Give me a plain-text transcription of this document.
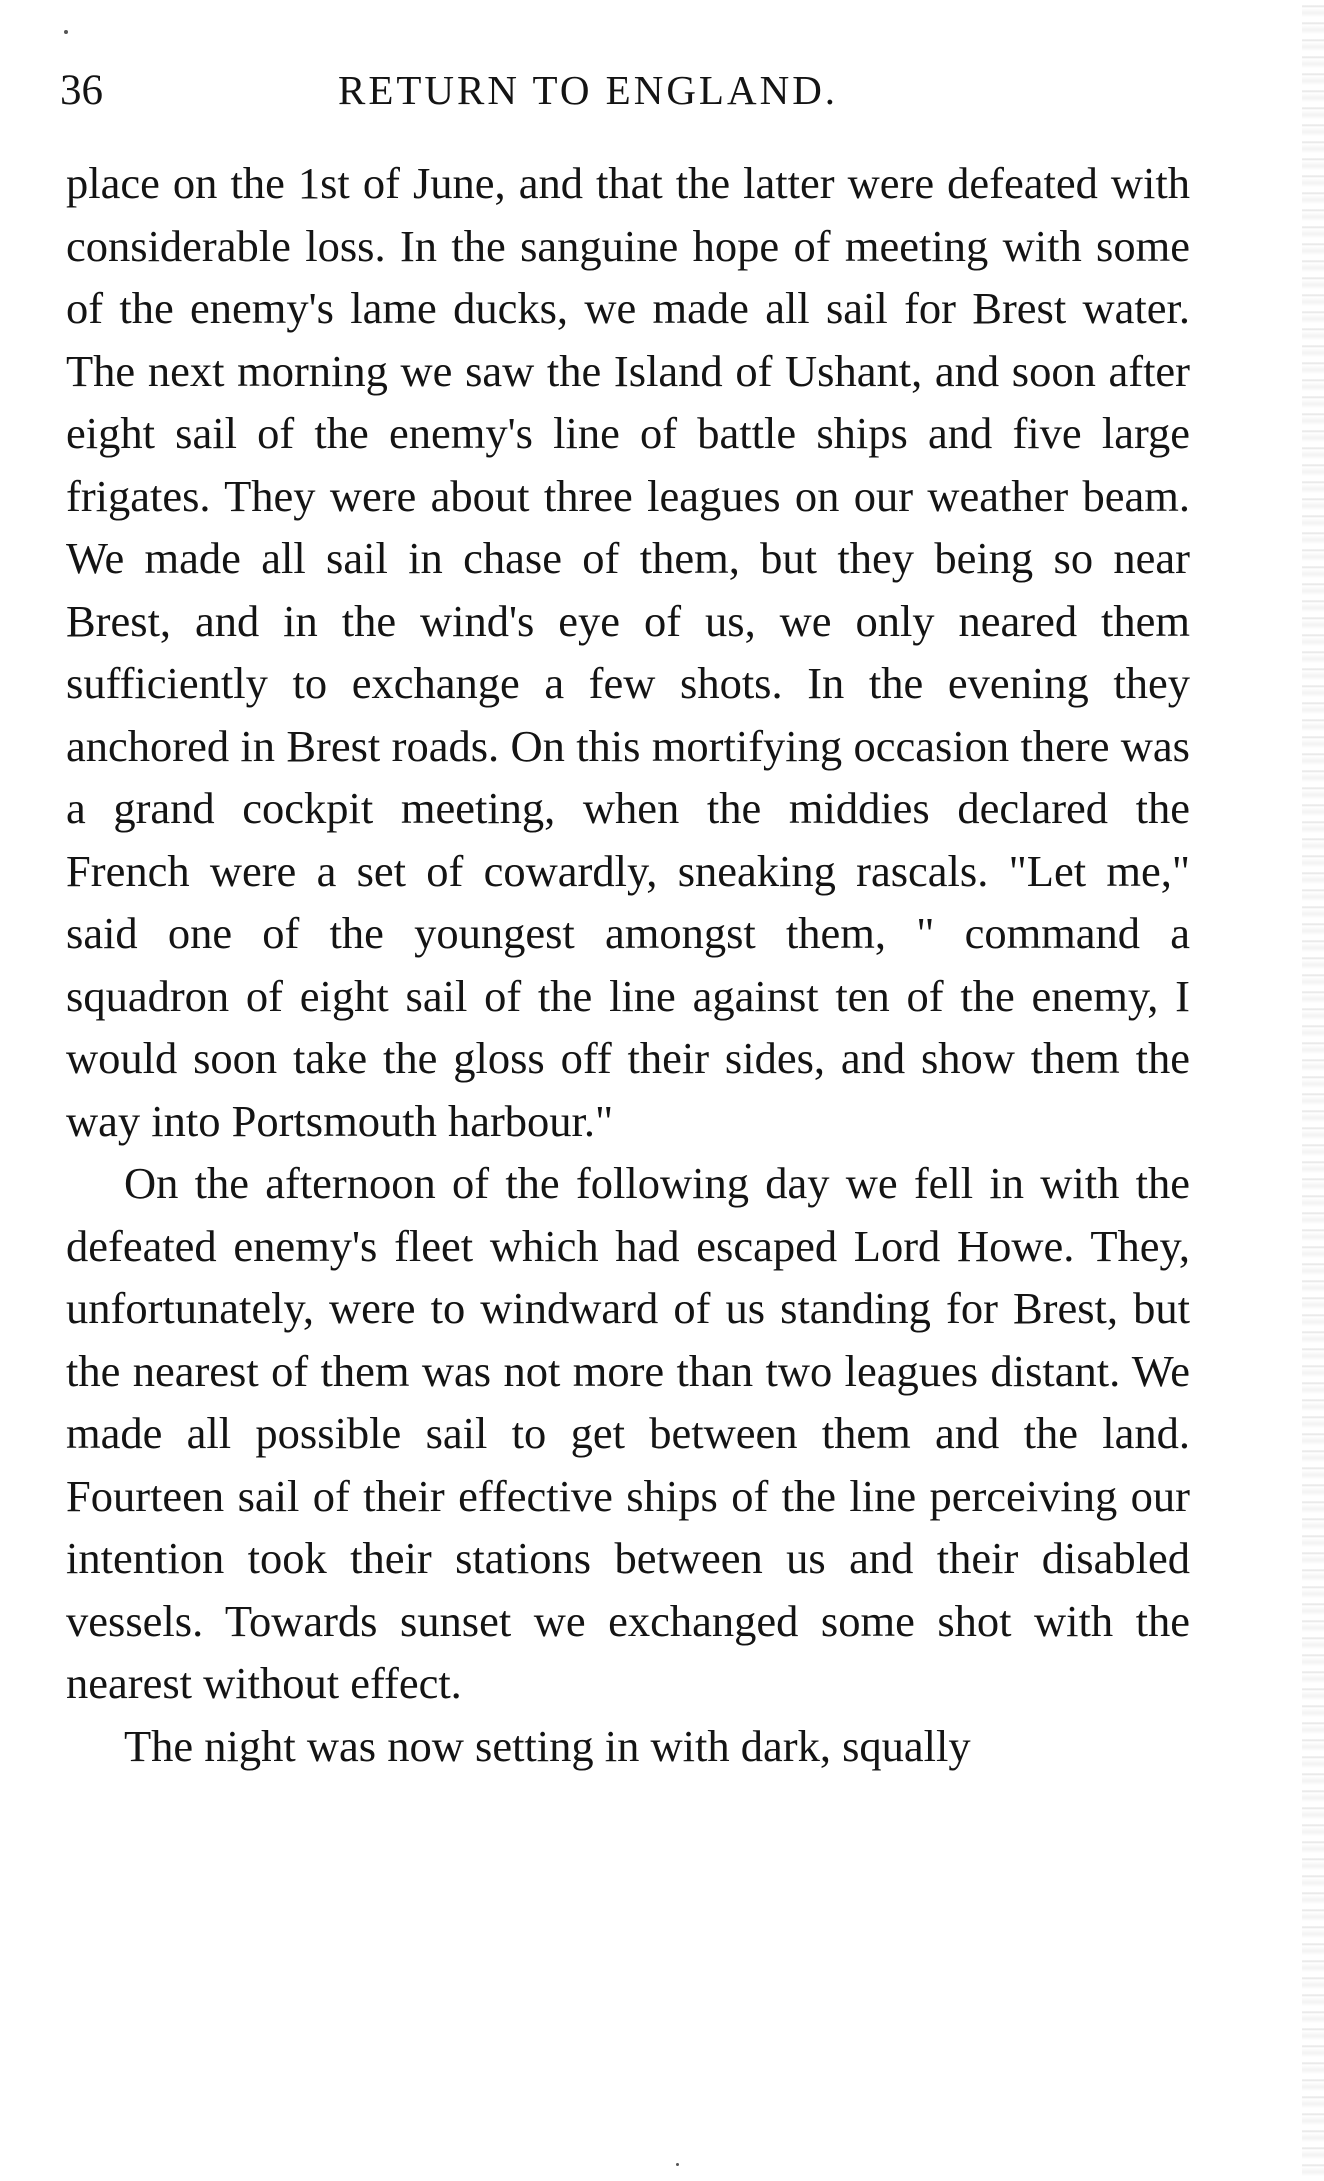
36	RETURN TO ENGLAND.

place on the 1st of June, and that the latter were defeated with considerable loss. In the sanguine hope of meeting with some of the enemy's lame ducks, we made all sail for Brest water. The next morning we saw the Island of Ushant, and soon after eight sail of the enemy's line of battle ships and five large frigates. They were about three leagues on our weather beam. We made all sail in chase of them, but they being so near Brest, and in the wind's eye of us, we only neared them sufficiently to exchange a few shots. In the evening they anchored in Brest roads. On this mortifying occasion there was a grand cockpit meeting, when the middies declared the French were a set of cowardly, sneaking rascals. "Let me," said one of the youngest amongst them, " command a squadron of eight sail of the line against ten of the enemy, I would soon take the gloss off their sides, and show them the way into Portsmouth harbour."

On the afternoon of the following day we fell in with the defeated enemy's fleet which had escaped Lord Howe. They, unfortunately, were to windward of us standing for Brest, but the nearest of them was not more than two leagues distant. We made all possible sail to get between them and the land. Fourteen sail of their effective ships of the line perceiving our intention took their stations between us and their disabled vessels. Towards sunset we exchanged some shot with the nearest without effect.

The night was now setting in with dark, squally
